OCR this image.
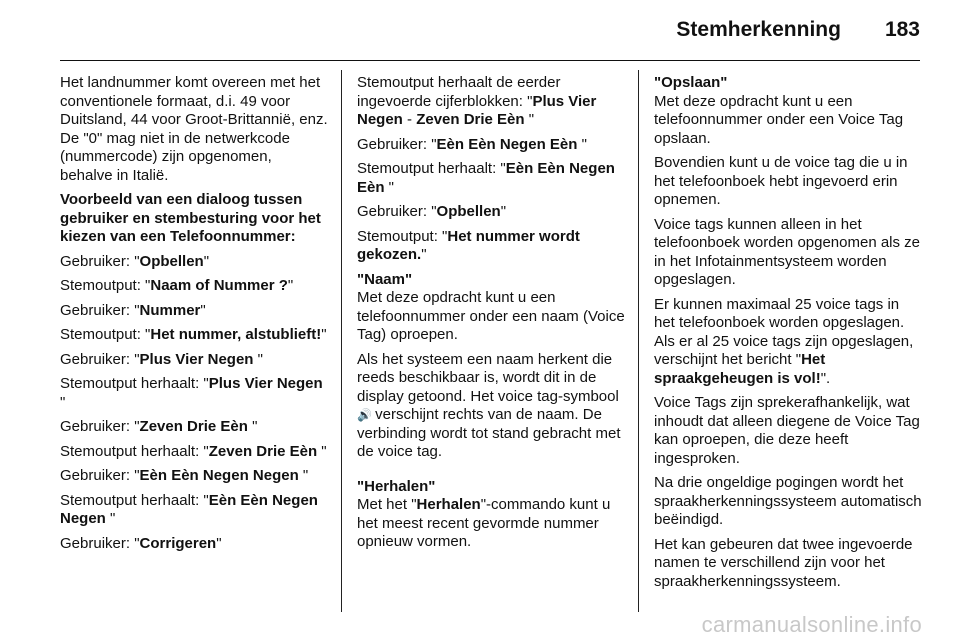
Stemherkenning 183

Het landnummer komt overeen met het conventionele formaat, d.i. 49 voor Duitsland, 44 voor Groot-Brittannië, enz. De "0" mag niet in de netwerkcode (nummercode) zijn opgenomen, behalve in Italië.

Voorbeeld van een dialoog tussen gebruiker en stembesturing voor het kiezen van een Telefoonnummer:

Gebruiker: "Opbellen"

Stemoutput: "Naam of Nummer ?"

Gebruiker: "Nummer"

Stemoutput: "Het nummer, alstublieft!"

Gebruiker: "Plus Vier Negen "

Stemoutput herhaalt: "Plus Vier Negen "

Gebruiker: "Zeven Drie Eèn "

Stemoutput herhaalt: "Zeven Drie Eèn "

Gebruiker: "Eèn Eèn Negen Negen "

Stemoutput herhaalt: "Eèn Eèn Negen Negen "

Gebruiker: "Corrigeren"

Stemoutput herhaalt de eerder ingevoerde cijferblokken: "Plus Vier Negen - Zeven Drie Eèn "

Gebruiker: "Eèn Eèn Negen Eèn "

Stemoutput herhaalt: "Eèn Eèn Negen Eèn "

Gebruiker: "Opbellen"

Stemoutput: "Het nummer wordt gekozen."

"Naam"
Met deze opdracht kunt u een telefoonnummer onder een naam (Voice Tag) oproepen.

Als het systeem een naam herkent die reeds beschikbaar is, wordt dit in de display getoond. Het voice tag-symbool 🔊 verschijnt rechts van de naam. De verbinding wordt tot stand gebracht met de voice tag.

"Herhalen"
Met het "Herhalen"-commando kunt u het meest recent gevormde nummer opnieuw vormen.

"Opslaan"
Met deze opdracht kunt u een telefoonnummer onder een Voice Tag opslaan.

Bovendien kunt u de voice tag die u in het telefoonboek hebt ingevoerd erin opnemen.

Voice tags kunnen alleen in het telefoonboek worden opgenomen als ze in het Infotainmentsysteem worden opgeslagen.

Er kunnen maximaal 25 voice tags in het telefoonboek worden opgeslagen. Als er al 25 voice tags zijn opgeslagen, verschijnt het bericht "Het spraakgeheugen is vol!".

Voice Tags zijn sprekerafhankelijk, wat inhoudt dat alleen diegene de Voice Tag kan oproepen, die deze heeft ingesproken.

Na drie ongeldige pogingen wordt het spraakherkenningssysteem automatisch beëindigd.

Het kan gebeuren dat twee ingevoerde namen te verschillend zijn voor het spraakherkenningssysteem.

carmanualsonline.info
